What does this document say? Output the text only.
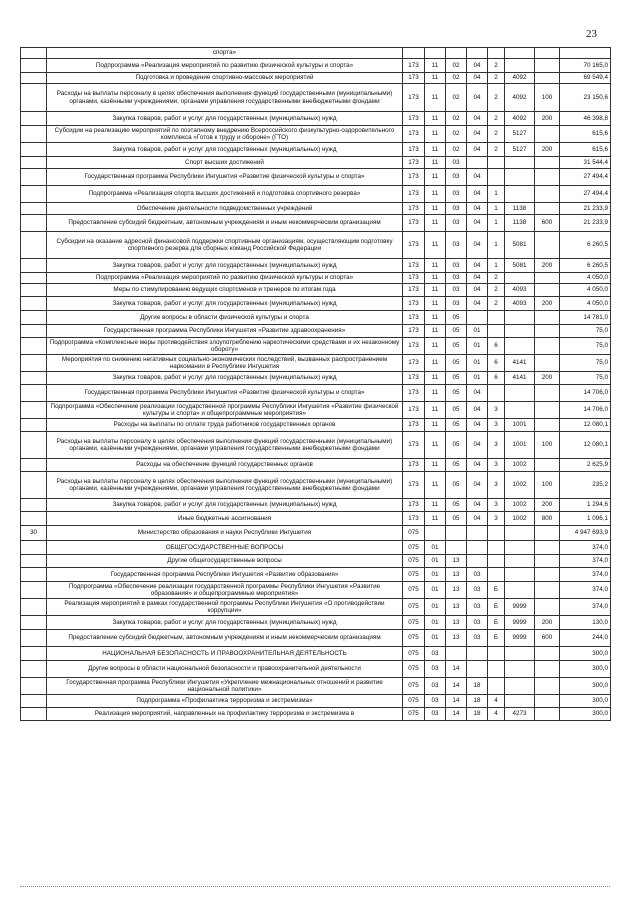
23
	спорта»								
	Подпрограмма «Реализация мероприятий по развитию физической культуры и спорта»	173	11	02	04	2			70 165,0
	Подготовка и проведение спортивно-массовых мероприятий	173	11	02	04	2	4092		69 549,4
	Расходы на выплаты персоналу в целях обеспечения выполнения функций государственными (муниципальными) органами, казёнными учреждениями, органами управления государственными внебюджетными фондами	173	11	02	04	2	4092	100	23 150,6
	Закупка товаров, работ и услуг для государственных (муниципальных) нужд	173	11	02	04	2	4092	200	46 398,8
	Субсидии на реализацию мероприятий по поэтапному внедрению Всероссийского физкультурно-оздоровительного комплекса «Готов к труду и обороне» (ГТО)	173	11	02	04	2	5127		615,6
	Закупка товаров, работ и услуг для государственных (муниципальных) нужд	173	11	02	04	2	5127	200	615,6
	Спорт высших достижений	173	11	03					31 544,4
	Государственная программа Республики Ингушетия «Развитие физической культуры и спорта»	173	11	03	04				27 494,4
	Подпрограмма «Реализация спорта высших достижений и подготовка спортивного резерва»	173	11	03	04	1			27 494,4
	Обеспечение деятельности подведомственных учреждений	173	11	03	04	1	1138		21 233,9
	Предоставление субсидий бюджетным, автономным учреждениям и иным некоммерческим организациям	173	11	03	04	1	1138	600	21 233,9
	Субсидии на оказание адресной финансовой поддержки спортивным организациям, осуществляющим подготовку спортивного резерва для сборных команд Российской Федерации	173	11	03	04	1	5081		6 260,5
	Закупка товаров, работ и услуг для государственных (муниципальных) нужд	173	11	03	04	1	5081	200	6 260,5
	Подпрограмма «Реализация мероприятий по развитию физической культуры и спорта»	173	11	03	04	2			4 050,0
	Меры по стимулированию ведущих спортсменов и тренеров по итогам года	173	11	03	04	2	4093		4 050,0
	Закупка товаров, работ и услуг для государственных (муниципальных) нужд	173	11	03	04	2	4093	200	4 050,0
	Другие вопросы в области физической культуры и спорта	173	11	05					14 781,0
	Государственная программа Республики Ингушетия «Развитие здравоохранения»	173	11	05	01				75,0
	Подпрограмма «Комплексные меры противодействия злоупотреблению наркотическими средствами и их незаконному обороту»	173	11	05	01	6			75,0
	Мероприятия по снижению негативных социально-экономических последствий, вызванных распространением наркомании в Республике Ингушетия	173	11	05	01	6	4141		75,0
	Закупка товаров, работ и услуг для государственных (муниципальных) нужд	173	11	05	01	6	4141	200	75,0
	Государственная программа Республики Ингушетия «Развитие физической культуры и спорта»	173	11	05	04				14 706,0
	Подпрограмма «Обеспечение реализации государственной программы Республики Ингушетия «Развитие физической культуры и спорта» и общепрограммные мероприятия»	173	11	05	04	3			14 706,0
	Расходы на выплаты по оплате труда работников государственных органов	173	11	05	04	3	1001		12 080,1
	Расходы на выплаты персоналу в целях обеспечения выполнения функций государственными (муниципальными) органами, казёнными учреждениями, органами управления государственными внебюджетными фондами	173	11	05	04	3	1001	100	12 080,1
	Расходы на обеспечение функций государственных органов	173	11	05	04	3	1002		2 625,9
	Расходы на выплаты персоналу в целях обеспечения выполнения функций государственными (муниципальными) органами, казёнными учреждениями, органами управления государственными внебюджетными фондами	173	11	05	04	3	1002	100	235,2
	Закупка товаров, работ и услуг для государственных (муниципальных) нужд	173	11	05	04	3	1002	200	1 294,6
	Иные бюджетные ассигнования	173	11	05	04	3	1002	800	1 096,1
30	Министерство образования и науки Республики Ингушетия	075							4 947 693,9
	ОБЩЕГОСУДАРСТВЕННЫЕ ВОПРОСЫ	075	01						374,0
	Другие общегосударственные вопросы	075	01	13					374,0
	Государственная программа Республики Ингушетия «Развитие образования»	075	01	13	03				374,0
	Подпрограмма «Обеспечение реализации государственной программы Республики Ингушетия «Развитие образования» и общепрограммные мероприятия»	075	01	13	03	Б			374,0
	Реализация мероприятий в рамках государственной программы Республики Ингушетия «О противодействии коррупции»	075	01	13	03	Б	9999		374,0
	Закупка товаров, работ и услуг для государственных (муниципальных) нужд	075	01	13	03	Б	9999	200	130,0
	Предоставление субсидий бюджетным, автономным учреждениям и иным некоммерческим организациям	075	01	13	03	Б	9999	600	244,0
	НАЦИОНАЛЬНАЯ БЕЗОПАСНОСТЬ И ПРАВООХРАНИТЕЛЬНАЯ ДЕЯТЕЛЬНОСТЬ	075	03						300,0
	Другие вопросы в области национальной безопасности и правоохранительной деятельности	075	03	14					300,0
	Государственная программа Республики Ингушетия «Укрепление межнациональных отношений и развитие национальной политики»	075	03	14	18				300,0
	Подпрограмма «Профилактика терроризма и экстремизма»	075	03	14	18	4			300,0
	Реализация мероприятий, направленных на профилактику терроризма и экстремизма в	075	03	14	18	4	4273		300,0
